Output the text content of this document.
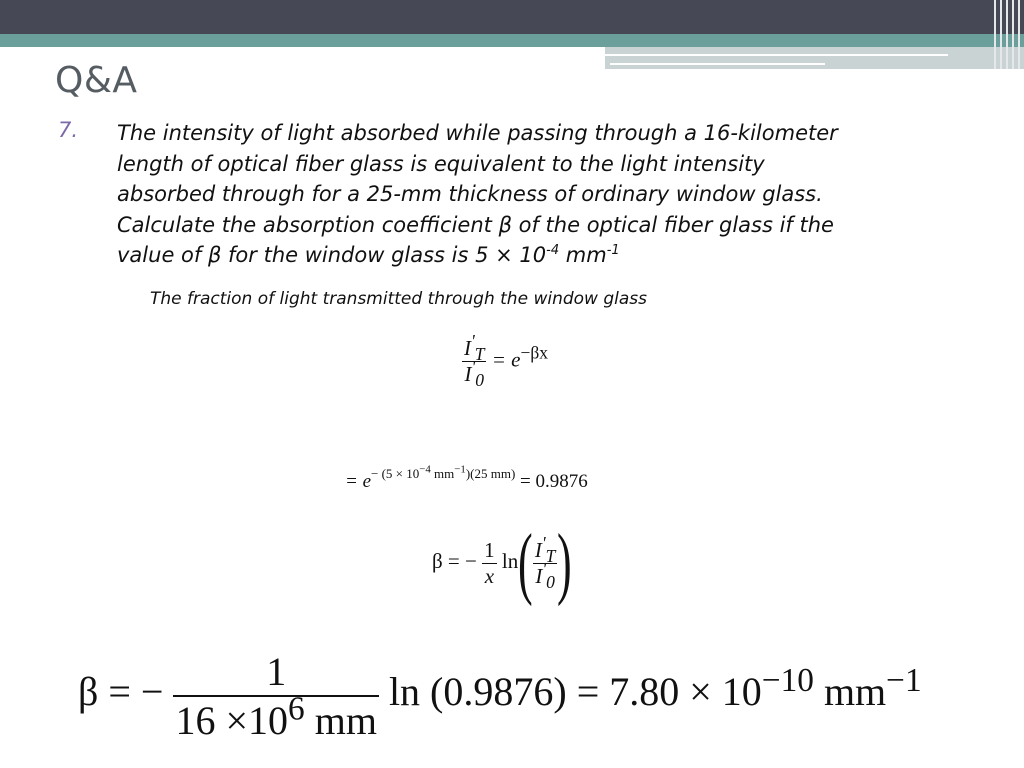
Q&A
7. The intensity of light absorbed while passing through a 16-kilometer
length of optical fiber glass is equivalent to the light intensity
absorbed through for a 25-mm thickness of ordinary window glass.
Calculate the absorption coefficient β of the optical fiber glass if the
value of β for the window glass is $5 \times 10^{-4}$ $mm^{-1}$

The fraction of light transmitted through the window glass
$\frac{I'_T}{I'_0} = e^{-\beta x}$
= $e^{- (5 \times 10^{-4} mm^{-1})(25 mm)} = 0.9876$
β = − $\frac{1}{x} \ln( \frac{I'_T}{I'_0}$ )
β = − $\frac{1}{16 \times 10^6 mm}$ $\ln (0.9876) = 7.80 \times 10^{-10}$ $mm^{-1}$
